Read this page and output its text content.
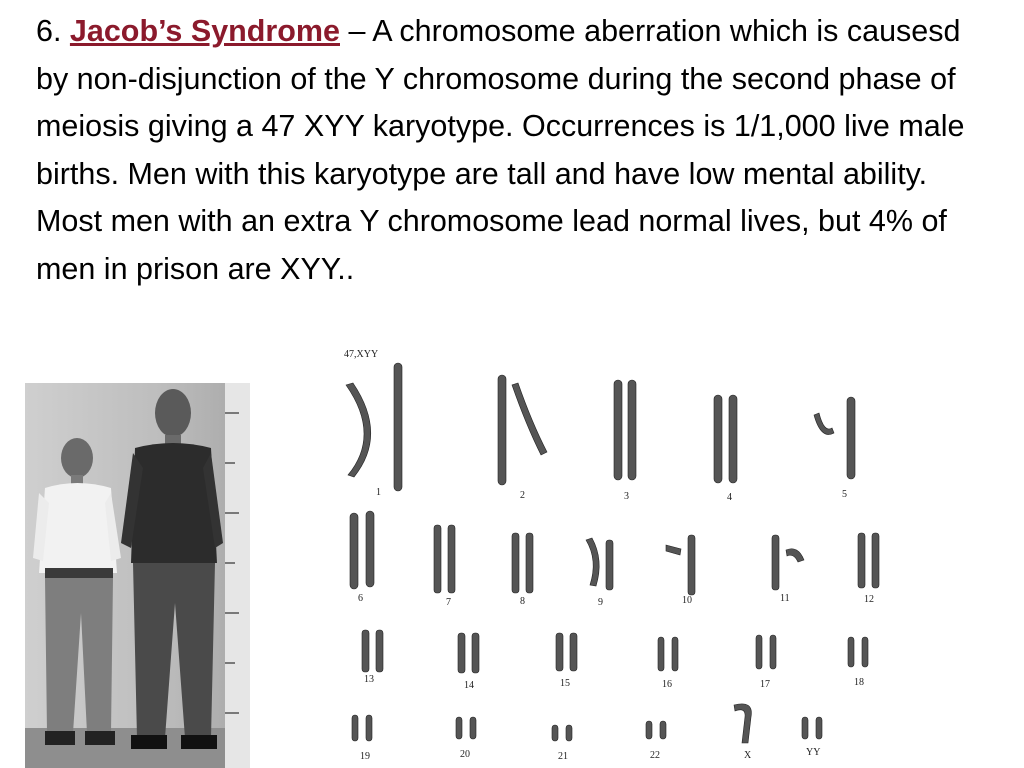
6. Jacob’s Syndrome – A chromosome aberration which is causesd by non-disjunction of the Y chromosome during the second phase of meiosis giving a 47 XYY karyotype. Occurrences is 1/1,000 live male births. Men with this karyotype are tall and have low mental ability. Most men with an extra Y chromosome lead normal lives, but 4% of men in prison are XYY..

47,XYY
1	2	3	4	5
6	7	8	9	10	11	12
13
14	15	16	17	18
19	20	21	22	X	YY
